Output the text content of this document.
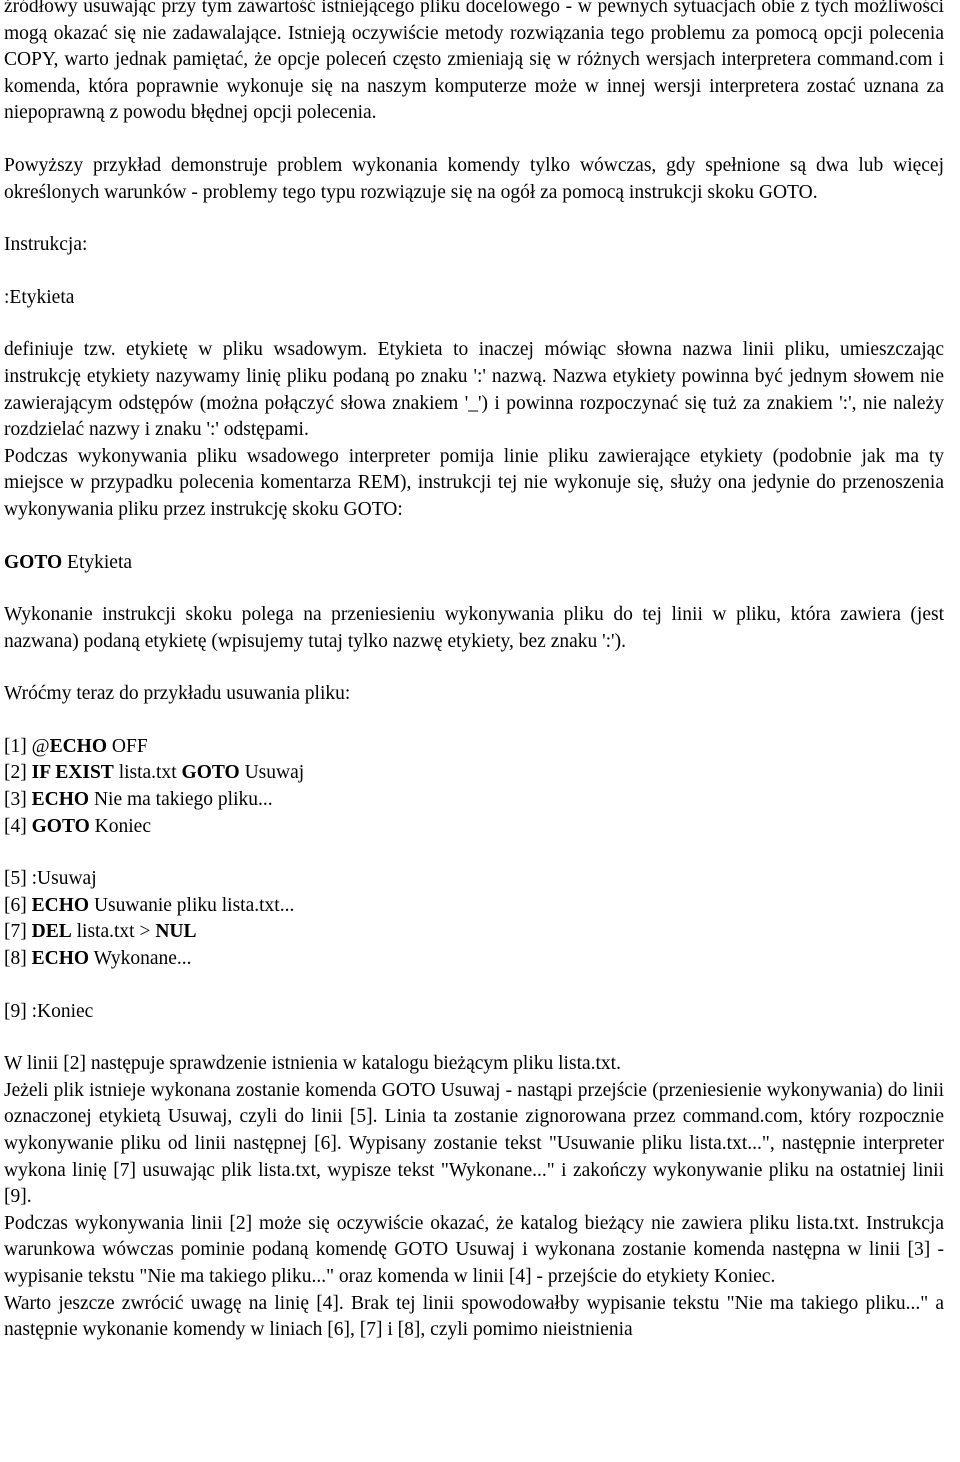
źródłowy usuwając przy tym zawartość istniejącego pliku docelowego - w pewnych sytuacjach obie z tych możliwości mogą okazać się nie zadawalające. Istnieją oczywiście metody rozwiązania tego problemu za pomocą opcji polecenia COPY, warto jednak pamiętać, że opcje poleceń często zmieniają się w różnych wersjach interpretera command.com i komenda, która poprawnie wykonuje się na naszym komputerze może w innej wersji interpretera zostać uznana za niepoprawną z powodu błędnej opcji polecenia.

Powyższy przykład demonstruje problem wykonania komendy tylko wówczas, gdy spełnione są dwa lub więcej określonych warunków - problemy tego typu rozwiązuje się na ogół za pomocą instrukcji skoku GOTO.

Instrukcja:

:Etykieta

definiuje tzw. etykietę w pliku wsadowym. Etykieta to inaczej mówiąc słowna nazwa linii pliku, umieszczając instrukcję etykiety nazywamy linię pliku podaną po znaku ':' nazwą. Nazwa etykiety powinna być jednym słowem nie zawierającym odstępów (można połączyć słowa znakiem '_') i powinna rozpoczynać się tuż za znakiem ':', nie należy rozdzielać nazwy i znaku ':' odstępami.

Podczas wykonywania pliku wsadowego interpreter pomija linie pliku zawierające etykiety (podobnie jak ma ty miejsce w przypadku polecenia komentarza REM), instrukcji tej nie wykonuje się, służy ona jedynie do przenoszenia wykonywania pliku przez instrukcję skoku GOTO:

GOTO Etykieta

Wykonanie instrukcji skoku polega na przeniesieniu wykonywania pliku do tej linii w pliku, która zawiera (jest nazwana) podaną etykietę (wpisujemy tutaj tylko nazwę etykiety, bez znaku ':').

Wróćmy teraz do przykładu usuwania pliku:

[1] @ECHO OFF
[2] IF EXIST lista.txt GOTO Usuwaj
[3] ECHO Nie ma takiego pliku...
[4] GOTO Koniec
[5] :Usuwaj
[6] ECHO Usuwanie pliku lista.txt...
[7] DEL lista.txt > NUL
[8] ECHO Wykonane...
[9] :Koniec

W linii [2] następuje sprawdzenie istnienia w katalogu bieżącym pliku lista.txt.

Jeżeli plik istnieje wykonana zostanie komenda GOTO Usuwaj - nastąpi przejście (przeniesienie wykonywania) do linii oznaczonej etykietą Usuwaj, czyli do linii [5]. Linia ta zostanie zignorowana przez command.com, który rozpocznie wykonywanie pliku od linii następnej [6]. Wypisany zostanie tekst "Usuwanie pliku lista.txt...", następnie interpreter wykona linię [7] usuwając plik lista.txt, wypisze tekst "Wykonane..." i zakończy wykonywanie pliku na ostatniej linii [9].

Podczas wykonywania linii [2] może się oczywiście okazać, że katalog bieżący nie zawiera pliku lista.txt. Instrukcja warunkowa wówczas pominie podaną komendę GOTO Usuwaj i wykonana zostanie komenda następna w linii [3] - wypisanie tekstu "Nie ma takiego pliku..." oraz komenda w linii [4] - przejście do etykiety Koniec.

Warto jeszcze zwrócić uwagę na linię [4]. Brak tej linii spowodowałby wypisanie tekstu "Nie ma takiego pliku..." a następnie wykonanie komendy w liniach [6], [7] i [8], czyli pomimo nieistnienia
